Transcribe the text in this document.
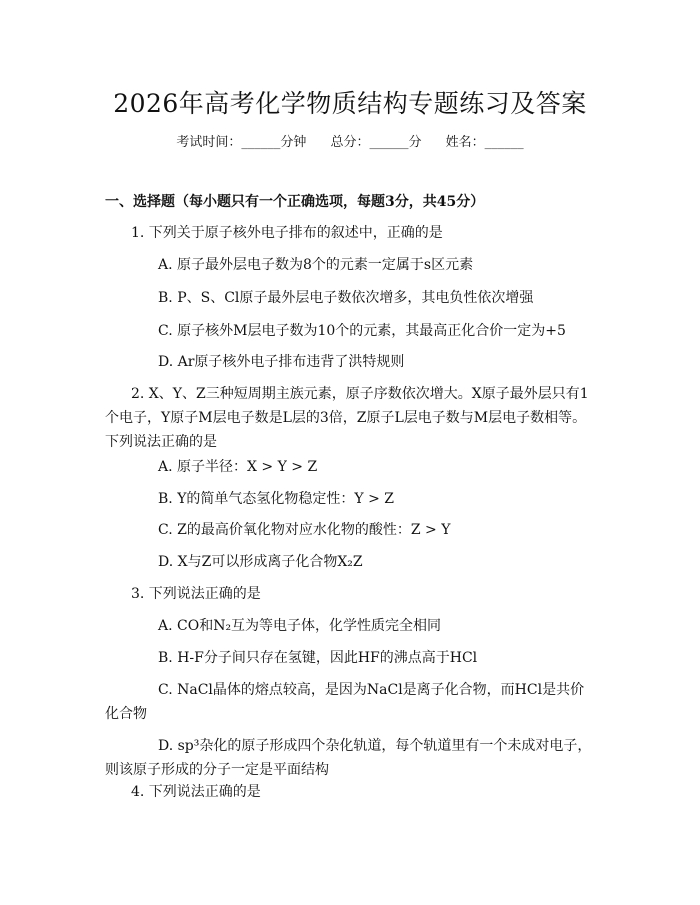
2026年高考化学物质结构专题练习及答案
考试时间：______分钟 总分：______分 姓名：______
一、选择题（每小题只有一个正确选项，每题3分，共45分）
1. 下列关于原子核外电子排布的叙述中，正确的是
A. 原子最外层电子数为8个的元素一定属于s区元素
B. P、S、Cl原子最外层电子数依次增多，其电负性依次增强
C. 原子核外M层电子数为10个的元素，其最高正化合价一定为+5
D. Ar原子核外电子排布违背了洪特规则
2. X、Y、Z三种短周期主族元素，原子序数依次增大。X原子最外层只有1个电子，Y原子M层电子数是L层的3倍，Z原子L层电子数与M层电子数相等。下列说法正确的是
A. 原子半径：X > Y > Z
B. Y的简单气态氢化物稳定性：Y > Z
C. Z的最高价氧化物对应水化物的酸性：Z > Y
D. X与Z可以形成离子化合物X₂Z
3. 下列说法正确的是
A. CO和N₂互为等电子体，化学性质完全相同
B. H-F分子间只存在氢键，因此HF的沸点高于HCl
C. NaCl晶体的熔点较高，是因为NaCl是离子化合物，而HCl是共价化合物
D. sp³杂化的原子形成四个杂化轨道，每个轨道里有一个未成对电子，则该原子形成的分子一定是平面结构
4. 下列说法正确的是
